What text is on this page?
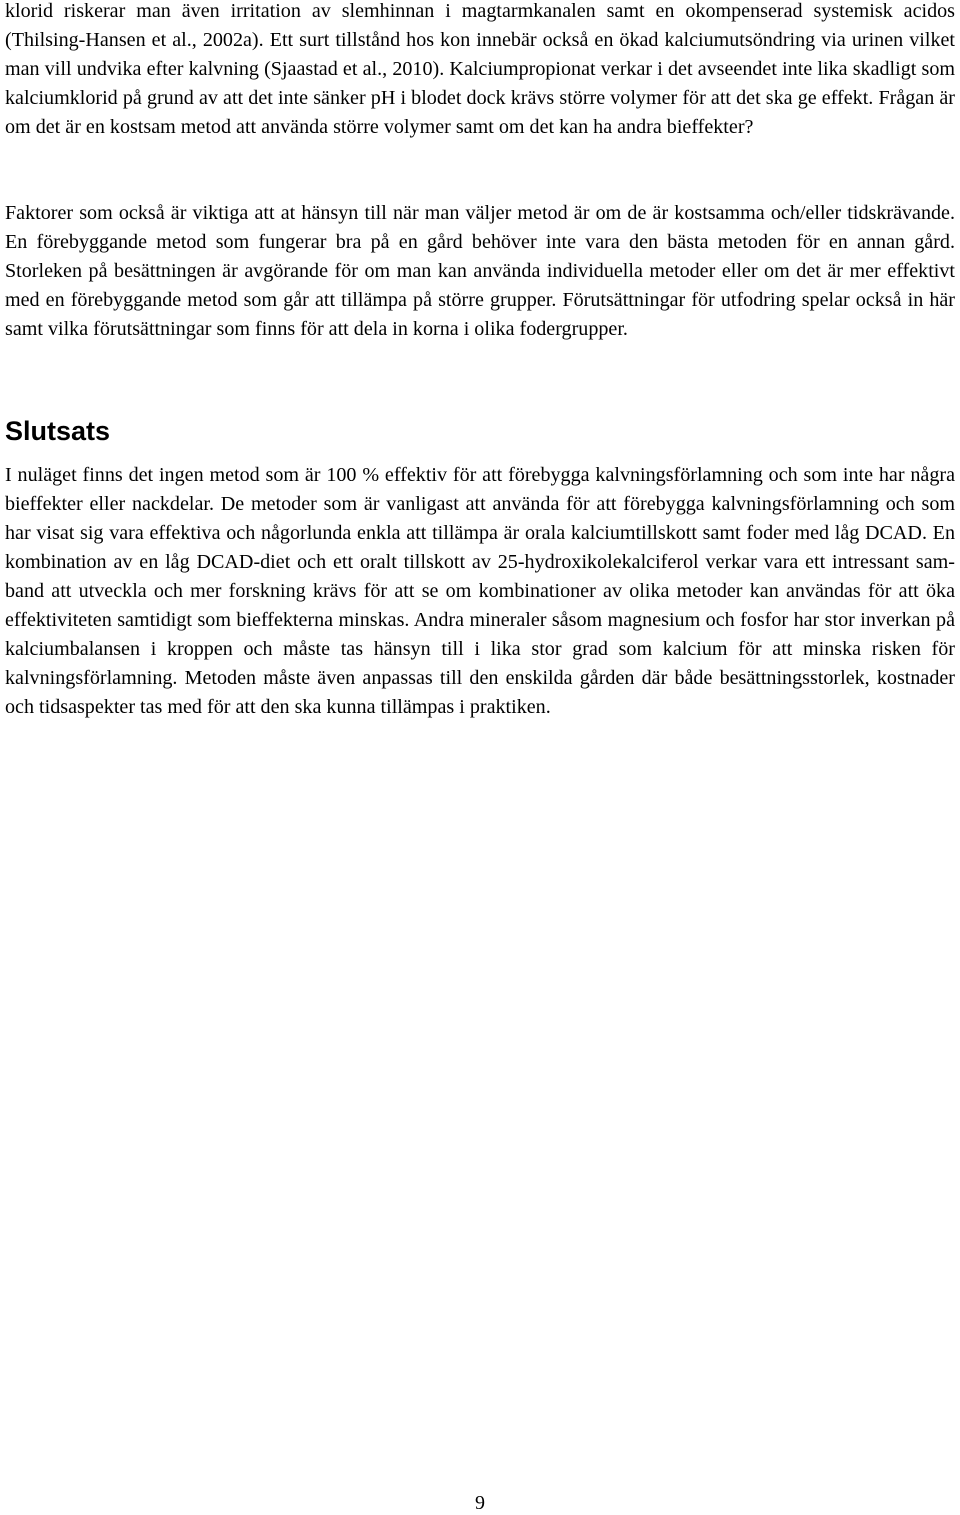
klorid riskerar man även irritation av slemhinnan i magtarmkanalen samt en okompenserad systemisk acidos (Thilsing-Hansen et al., 2002a). Ett surt tillstånd hos kon innebär också en ökad kalciumutsöndring via urinen vilket man vill undvika efter kalvning (Sjaastad et al., 2010). Kalciumpropionat verkar i det avseendet inte lika skadligt som kalciumklorid på grund av att det inte sänker pH i blodet dock krävs större volymer för att det ska ge effekt. Frågan är om det är en kostsam metod att använda större volymer samt om det kan ha andra bieffekter?

Faktorer som också är viktiga att at hänsyn till när man väljer metod är om de är kostsamma och/eller tidskrävande. En förebyggande metod som fungerar bra på en gård behöver inte vara den bästa metoden för en annan gård. Storleken på besättningen är avgörande för om man kan använda individuella metoder eller om det är mer effektivt med en förebyggande metod som går att tillämpa på större grupper. Förutsättningar för utfodring spelar också in här samt vilka förutsättningar som finns för att dela in korna i olika fodergrupper.

Slutsats

I nuläget finns det ingen metod som är 100 % effektiv för att förebygga kalvningsförlamning och som inte har några bieffekter eller nackdelar. De metoder som är vanligast att använda för att förebygga kalvningsförlamning och som har visat sig vara effektiva och någorlunda enkla att tillämpa är orala kalciumtillskott samt foder med låg DCAD. En kombination av en låg DCAD-diet och ett oralt tillskott av 25-hydroxikolekalciferol verkar vara ett intressant samband att utveckla och mer forskning krävs för att se om kombinationer av olika metoder kan användas för att öka effektiviteten samtidigt som bieffekterna minskas. Andra mineraler såsom magnesium och fosfor har stor inverkan på kalciumbalansen i kroppen och måste tas hänsyn till i lika stor grad som kalcium för att minska risken för kalvningsförlamning. Metoden måste även anpassas till den enskilda gården där både besättningsstorlek, kostnader och tidsaspekter tas med för att den ska kunna tillämpas i praktiken.

9
